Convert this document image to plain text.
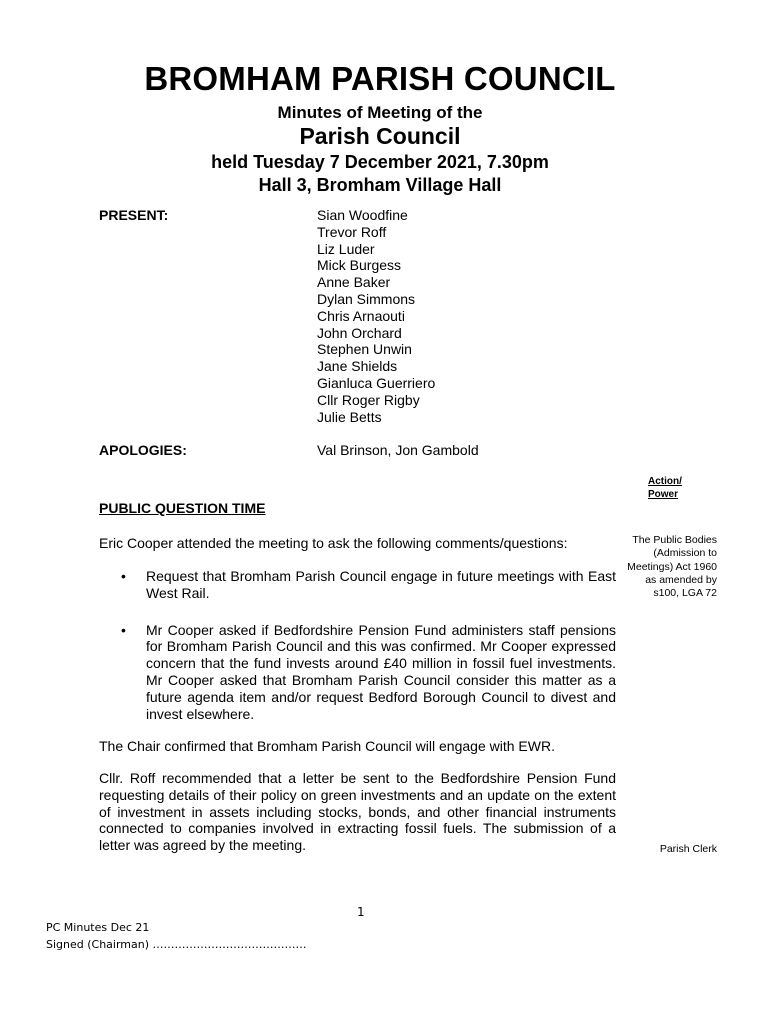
BROMHAM PARISH COUNCIL
Minutes of Meeting of the
Parish Council
held Tuesday 7 December 2021, 7.30pm
Hall 3, Bromham Village Hall
PRESENT:	Sian Woodfine
Trevor Roff
Liz Luder
Mick Burgess
Anne Baker
Dylan Simmons
Chris Arnaouti
John Orchard
Stephen Unwin
Jane Shields
Gianluca Guerriero
Cllr Roger Rigby
Julie Betts
APOLOGIES:	Val Brinson, Jon Gambold
Action/
Power
PUBLIC QUESTION TIME

Eric Cooper attended the meeting to ask the following comments/questions:

• Request that Bromham Parish Council engage in future meetings with East West Rail.
• Mr Cooper asked if Bedfordshire Pension Fund administers staff pensions for Bromham Parish Council and this was confirmed. Mr Cooper expressed concern that the fund invests around £40 million in fossil fuel investments. Mr Cooper asked that Bromham Parish Council consider this matter as a future agenda item and/or request Bedford Borough Council to divest and invest elsewhere.

The Chair confirmed that Bromham Parish Council will engage with EWR.

Cllr. Roff recommended that a letter be sent to the Bedfordshire Pension Fund requesting details of their policy on green investments and an update on the extent of investment in assets including stocks, bonds, and other financial instruments connected to companies involved in extracting fossil fuels. The submission of a letter was agreed by the meeting.

The Public Bodies (Admission to Meetings) Act 1960 as amended by s100, LGA 72
Parish Clerk
1
PC Minutes Dec 21
Signed (Chairman) ……………………………………
